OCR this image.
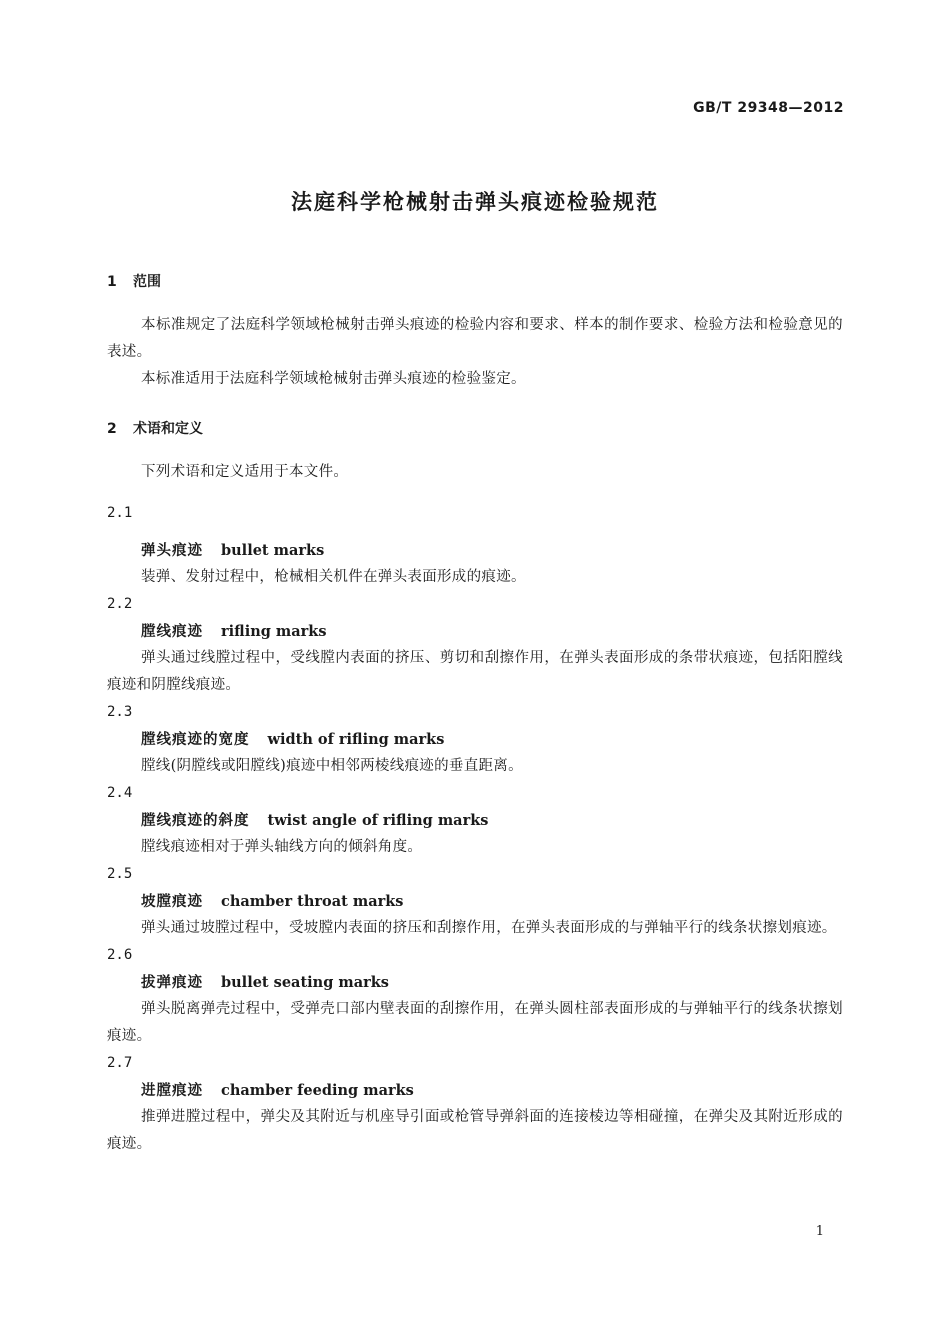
GB/T 29348—2012
法庭科学枪械射击弹头痕迹检验规范
1 范围
本标准规定了法庭科学领域枪械射击弹头痕迹的检验内容和要求、样本的制作要求、检验方法和检验意见的表述。
本标准适用于法庭科学领域枪械射击弹头痕迹的检验鉴定。
2 术语和定义
下列术语和定义适用于本文件。
2.1
弹头痕迹 bullet marks
装弹、发射过程中，枪械相关机件在弹头表面形成的痕迹。
2.2
膛线痕迹 rifling marks
弹头通过线膛过程中，受线膛内表面的挤压、剪切和刮擦作用，在弹头表面形成的条带状痕迹，包括阳膛线痕迹和阴膛线痕迹。
2.3
膛线痕迹的宽度 width of rifling marks
膛线(阴膛线或阳膛线)痕迹中相邻两棱线痕迹的垂直距离。
2.4
膛线痕迹的斜度 twist angle of rifling marks
膛线痕迹相对于弹头轴线方向的倾斜角度。
2.5
坡膛痕迹 chamber throat marks
弹头通过坡膛过程中，受坡膛内表面的挤压和刮擦作用，在弹头表面形成的与弹轴平行的线条状擦划痕迹。
2.6
拔弹痕迹 bullet seating marks
弹头脱离弹壳过程中，受弹壳口部内壁表面的刮擦作用，在弹头圆柱部表面形成的与弹轴平行的线条状擦划痕迹。
2.7
进膛痕迹 chamber feeding marks
推弹进膛过程中，弹尖及其附近与机座导引面或枪管导弹斜面的连接棱边等相碰撞，在弹尖及其附近形成的痕迹。
1
